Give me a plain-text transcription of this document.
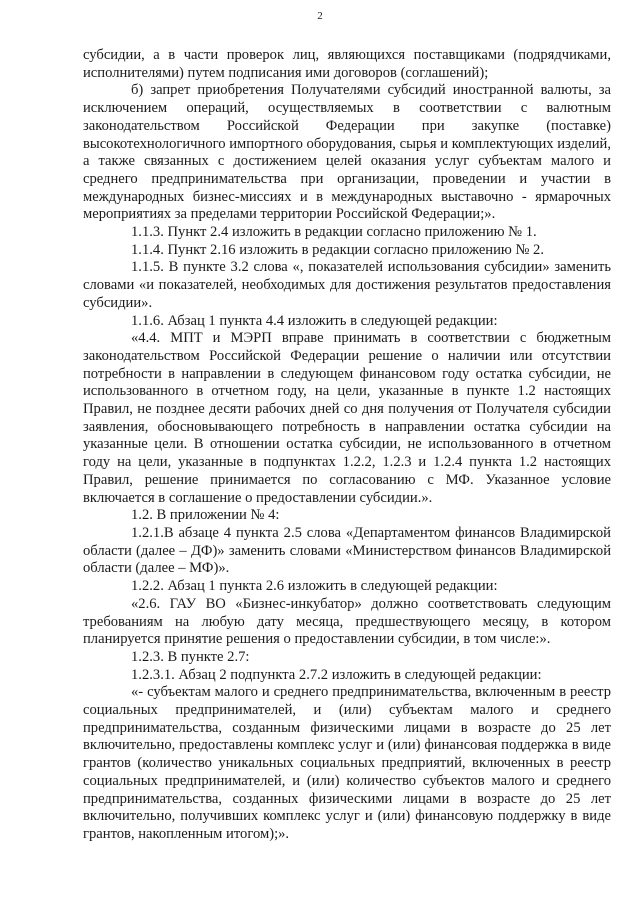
2

субсидии, а в части проверок лиц, являющихся поставщиками (подрядчиками, исполнителями) путем подписания ими договоров (соглашений);

б) запрет приобретения Получателями субсидий иностранной валюты, за исключением операций, осуществляемых в соответствии с валютным законодательством Российской Федерации при закупке (поставке) высокотехнологичного импортного оборудования, сырья и комплектующих изделий, а также связанных с достижением целей оказания услуг субъектам малого и среднего предпринимательства при организации, проведении и участии в международных бизнес-миссиях и в международных выставочно - ярмарочных мероприятиях за пределами территории Российской Федерации;».

1.1.3. Пункт 2.4 изложить в редакции согласно приложению № 1.

1.1.4. Пункт 2.16 изложить в редакции согласно приложению № 2.

1.1.5. В пункте 3.2 слова «, показателей использования субсидии» заменить словами «и показателей, необходимых для достижения результатов предоставления субсидии».

1.1.6. Абзац 1 пункта 4.4 изложить в следующей редакции:

«4.4. МПТ и МЭРП вправе принимать в соответствии с бюджетным законодательством Российской Федерации решение о наличии или отсутствии потребности в направлении в следующем финансовом году остатка субсидии, не использованного в отчетном году, на цели, указанные в пункте 1.2 настоящих Правил, не позднее десяти рабочих дней со дня получения от Получателя субсидии заявления, обосновывающего потребность в направлении остатка субсидии на указанные цели. В отношении остатка субсидии, не использованного в отчетном году на цели, указанные в подпунктах 1.2.2, 1.2.3 и 1.2.4 пункта 1.2 настоящих Правил, решение принимается по согласованию с МФ. Указанное условие включается в соглашение о предоставлении субсидии.».

1.2. В приложении № 4:

1.2.1.В абзаце 4 пункта 2.5 слова «Департаментом финансов Владимирской области (далее – ДФ)» заменить словами «Министерством финансов Владимирской области (далее – МФ)».

1.2.2. Абзац 1 пункта 2.6 изложить в следующей редакции:

«2.6. ГАУ ВО «Бизнес-инкубатор» должно соответствовать следующим требованиям на любую дату месяца, предшествующего месяцу, в котором планируется принятие решения о предоставлении субсидии, в том числе:».

1.2.3. В пункте 2.7:

1.2.3.1. Абзац 2 подпункта 2.7.2 изложить в следующей редакции:

«- субъектам малого и среднего предпринимательства, включенным в реестр социальных предпринимателей, и (или) субъектам малого и среднего предпринимательства, созданным физическими лицами в возрасте до 25 лет включительно, предоставлены комплекс услуг и (или) финансовая поддержка в виде грантов (количество уникальных социальных предприятий, включенных в реестр социальных предпринимателей, и (или) количество субъектов малого и среднего предпринимательства, созданных физическими лицами в возрасте до 25 лет включительно, получивших комплекс услуг и (или) финансовую поддержку в виде грантов, накопленным итогом);».
